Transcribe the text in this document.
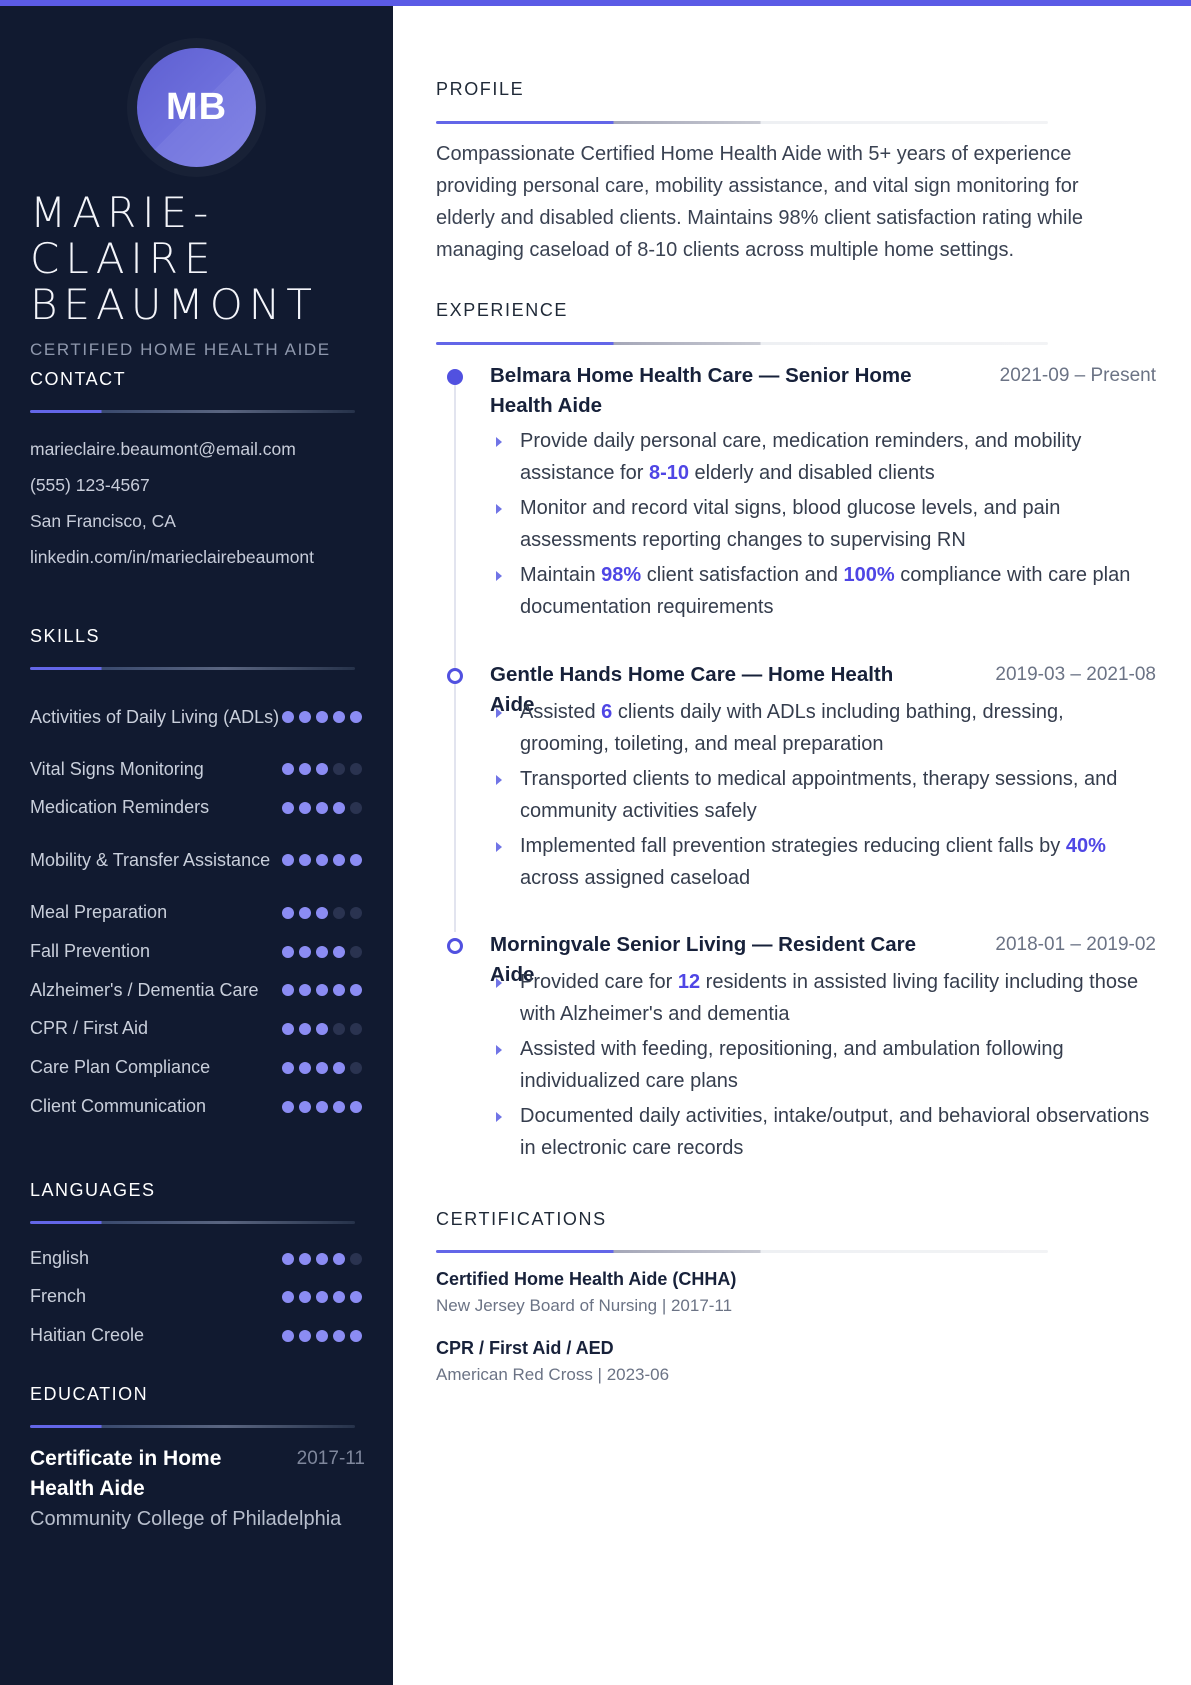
MB
MARIE-
CLAIRE
BEAUMONT
CERTIFIED HOME HEALTH AIDE
CONTACT
marieclaire.beaumont@email.com
(555) 123-4567
San Francisco, CA
linkedin.com/in/marieclairebeaumont
SKILLS
Activities of Daily Living (ADLs)
Vital Signs Monitoring
Medication Reminders
Mobility & Transfer Assistance
Meal Preparation
Fall Prevention
Alzheimer's / Dementia Care
CPR / First Aid
Care Plan Compliance
Client Communication
LANGUAGES
English
French
Haitian Creole
EDUCATION
Certificate in Home Health Aide
2017-11
Community College of Philadelphia
PROFILE

Compassionate Certified Home Health Aide with 5+ years of experience providing personal care, mobility assistance, and vital sign monitoring for elderly and disabled clients. Maintains 98% client satisfaction rating while managing caseload of 8-10 clients across multiple home settings.

EXPERIENCE
Belmara Home Health Care — Senior Home Health Aide
2021-09 – Present
Provide daily personal care, medication reminders, and mobility assistance for 8-10 elderly and disabled clients
Monitor and record vital signs, blood glucose levels, and pain assessments reporting changes to supervising RN
Maintain 98% client satisfaction and 100% compliance with care plan documentation requirements
Gentle Hands Home Care — Home Health Aide
2019-03 – 2021-08
Assisted 6 clients daily with ADLs including bathing, dressing, grooming, toileting, and meal preparation
Transported clients to medical appointments, therapy sessions, and community activities safely
Implemented fall prevention strategies reducing client falls by 40% across assigned caseload
Morningvale Senior Living — Resident Care Aide
2018-01 – 2019-02
Provided care for 12 residents in assisted living facility including those with Alzheimer's and dementia
Assisted with feeding, repositioning, and ambulation following individualized care plans
Documented daily activities, intake/output, and behavioral observations in electronic care records
CERTIFICATIONS
Certified Home Health Aide (CHHA)
New Jersey Board of Nursing | 2017-11
CPR / First Aid / AED
American Red Cross | 2023-06
